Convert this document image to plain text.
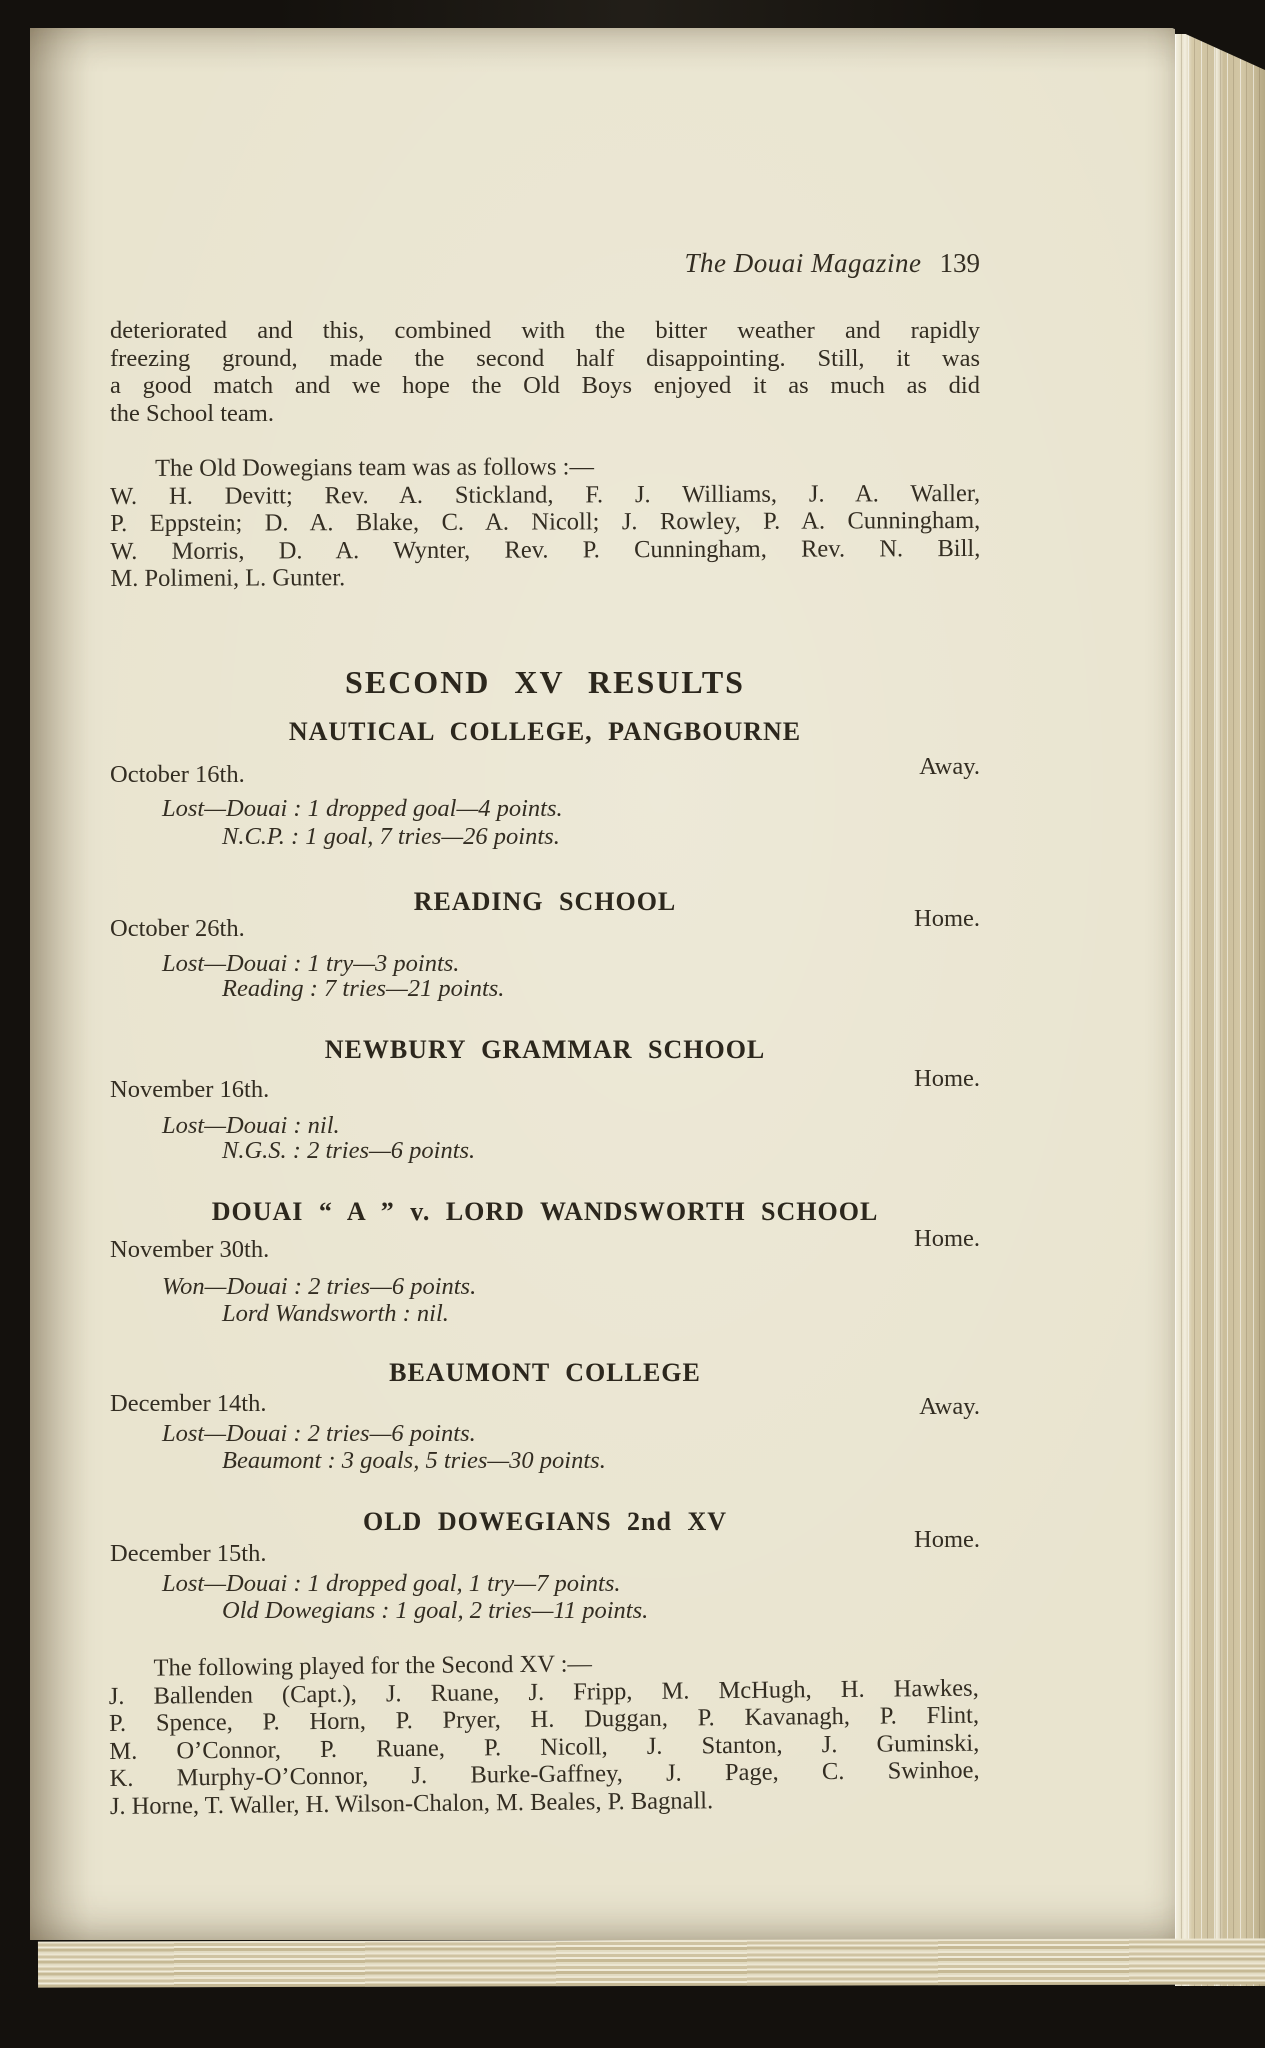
The Douai Magazine 139
deteriorated and this, combined with the bitter weather and rapidly
freezing ground, made the second half disappointing. Still, it was
a good match and we hope the Old Boys enjoyed it as much as did
the School team.
The Old Dowegians team was as follows :—
W. H. Devitt; Rev. A. Stickland, F. J. Williams, J. A. Waller,
P. Eppstein; D. A. Blake, C. A. Nicoll; J. Rowley, P. A. Cunningham,
W. Morris, D. A. Wynter, Rev. P. Cunningham, Rev. N. Bill,
M. Polimeni, L. Gunter.
SECOND XV RESULTS
NAUTICAL COLLEGE, PANGBOURNE
Away.
October 16th.
Lost—Douai : 1 dropped goal—4 points.
N.C.P. : 1 goal, 7 tries—26 points.
READING SCHOOL
Home.
October 26th.
Lost—Douai : 1 try—3 points.
Reading : 7 tries—21 points.
NEWBURY GRAMMAR SCHOOL
Home.
November 16th.
Lost—Douai : nil.
N.G.S. : 2 tries—6 points.
DOUAI “ A ” v. LORD WANDSWORTH SCHOOL
Home.
November 30th.
Won—Douai : 2 tries—6 points.
Lord Wandsworth : nil.
BEAUMONT COLLEGE
Away.
December 14th.
Lost—Douai : 2 tries—6 points.
Beaumont : 3 goals, 5 tries—30 points.
OLD DOWEGIANS 2nd XV
Home.
December 15th.
Lost—Douai : 1 dropped goal, 1 try—7 points.
Old Dowegians : 1 goal, 2 tries—11 points.
The following played for the Second XV :—
J. Ballenden (Capt.), J. Ruane, J. Fripp, M. McHugh, H. Hawkes,
P. Spence, P. Horn, P. Pryer, H. Duggan, P. Kavanagh, P. Flint,
M. O’Connor, P. Ruane, P. Nicoll, J. Stanton, J. Guminski,
K. Murphy-O’Connor, J. Burke-Gaffney, J. Page, C. Swinhoe,
J. Horne, T. Waller, H. Wilson-Chalon, M. Beales, P. Bagnall.
